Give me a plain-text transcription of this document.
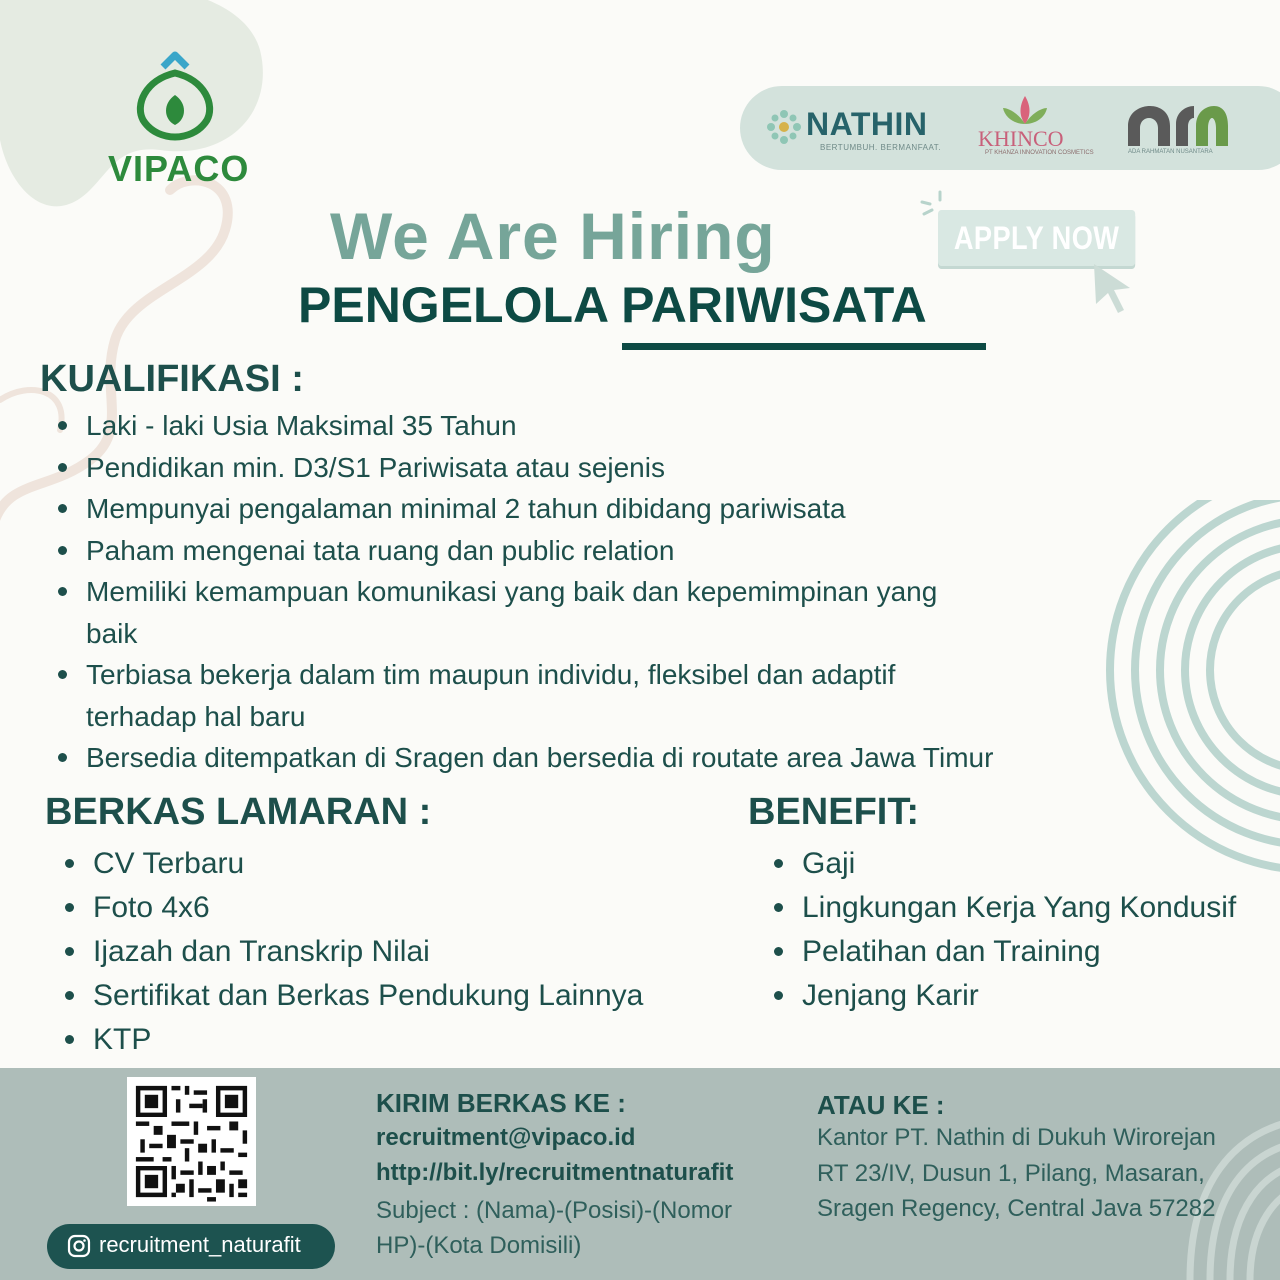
VIPACO
NATHIN
BERTUMBUH. BERMANFAAT. KHINCO
PT KHANZA INNOVATION COSMETICS	ADA RAHMATAN NUSANTARA
We Are Hiring	APPLY NOW
PENGELOLA PARIWISATA
KUALIFIKASI :
Laki - laki Usia Maksimal 35 Tahun
Pendidikan min. D3/S1 Pariwisata atau sejenis
Mempunyai pengalaman minimal 2 tahun dibidang pariwisata
Paham mengenai tata ruang dan public relation
Memiliki kemampuan komunikasi yang baik dan kepemimpinan yang baik
Terbiasa bekerja dalam tim maupun individu, fleksibel dan adaptif terhadap hal baru
Bersedia ditempatkan di Sragen dan bersedia di routate area Jawa Timur
BERKAS LAMARAN :
CV Terbaru
Foto 4x6
Ijazah dan Transkrip Nilai
Sertifikat dan Berkas Pendukung Lainnya
KTP
BENEFIT:
Gaji
Lingkungan Kerja Yang Kondusif
Pelatihan dan Training
Jenjang Karir
recruitment_naturafit
KIRIM BERKAS KE :
recruitment@vipaco.id
http://bit.ly/recruitmentnaturafit
Subject : (Nama)-(Posisi)-(Nomor HP)-(Kota Domisili)
ATAU KE :
Kantor PT. Nathin di Dukuh Wirorejan RT 23/IV, Dusun 1, Pilang, Masaran, Sragen Regency, Central Java 57282
